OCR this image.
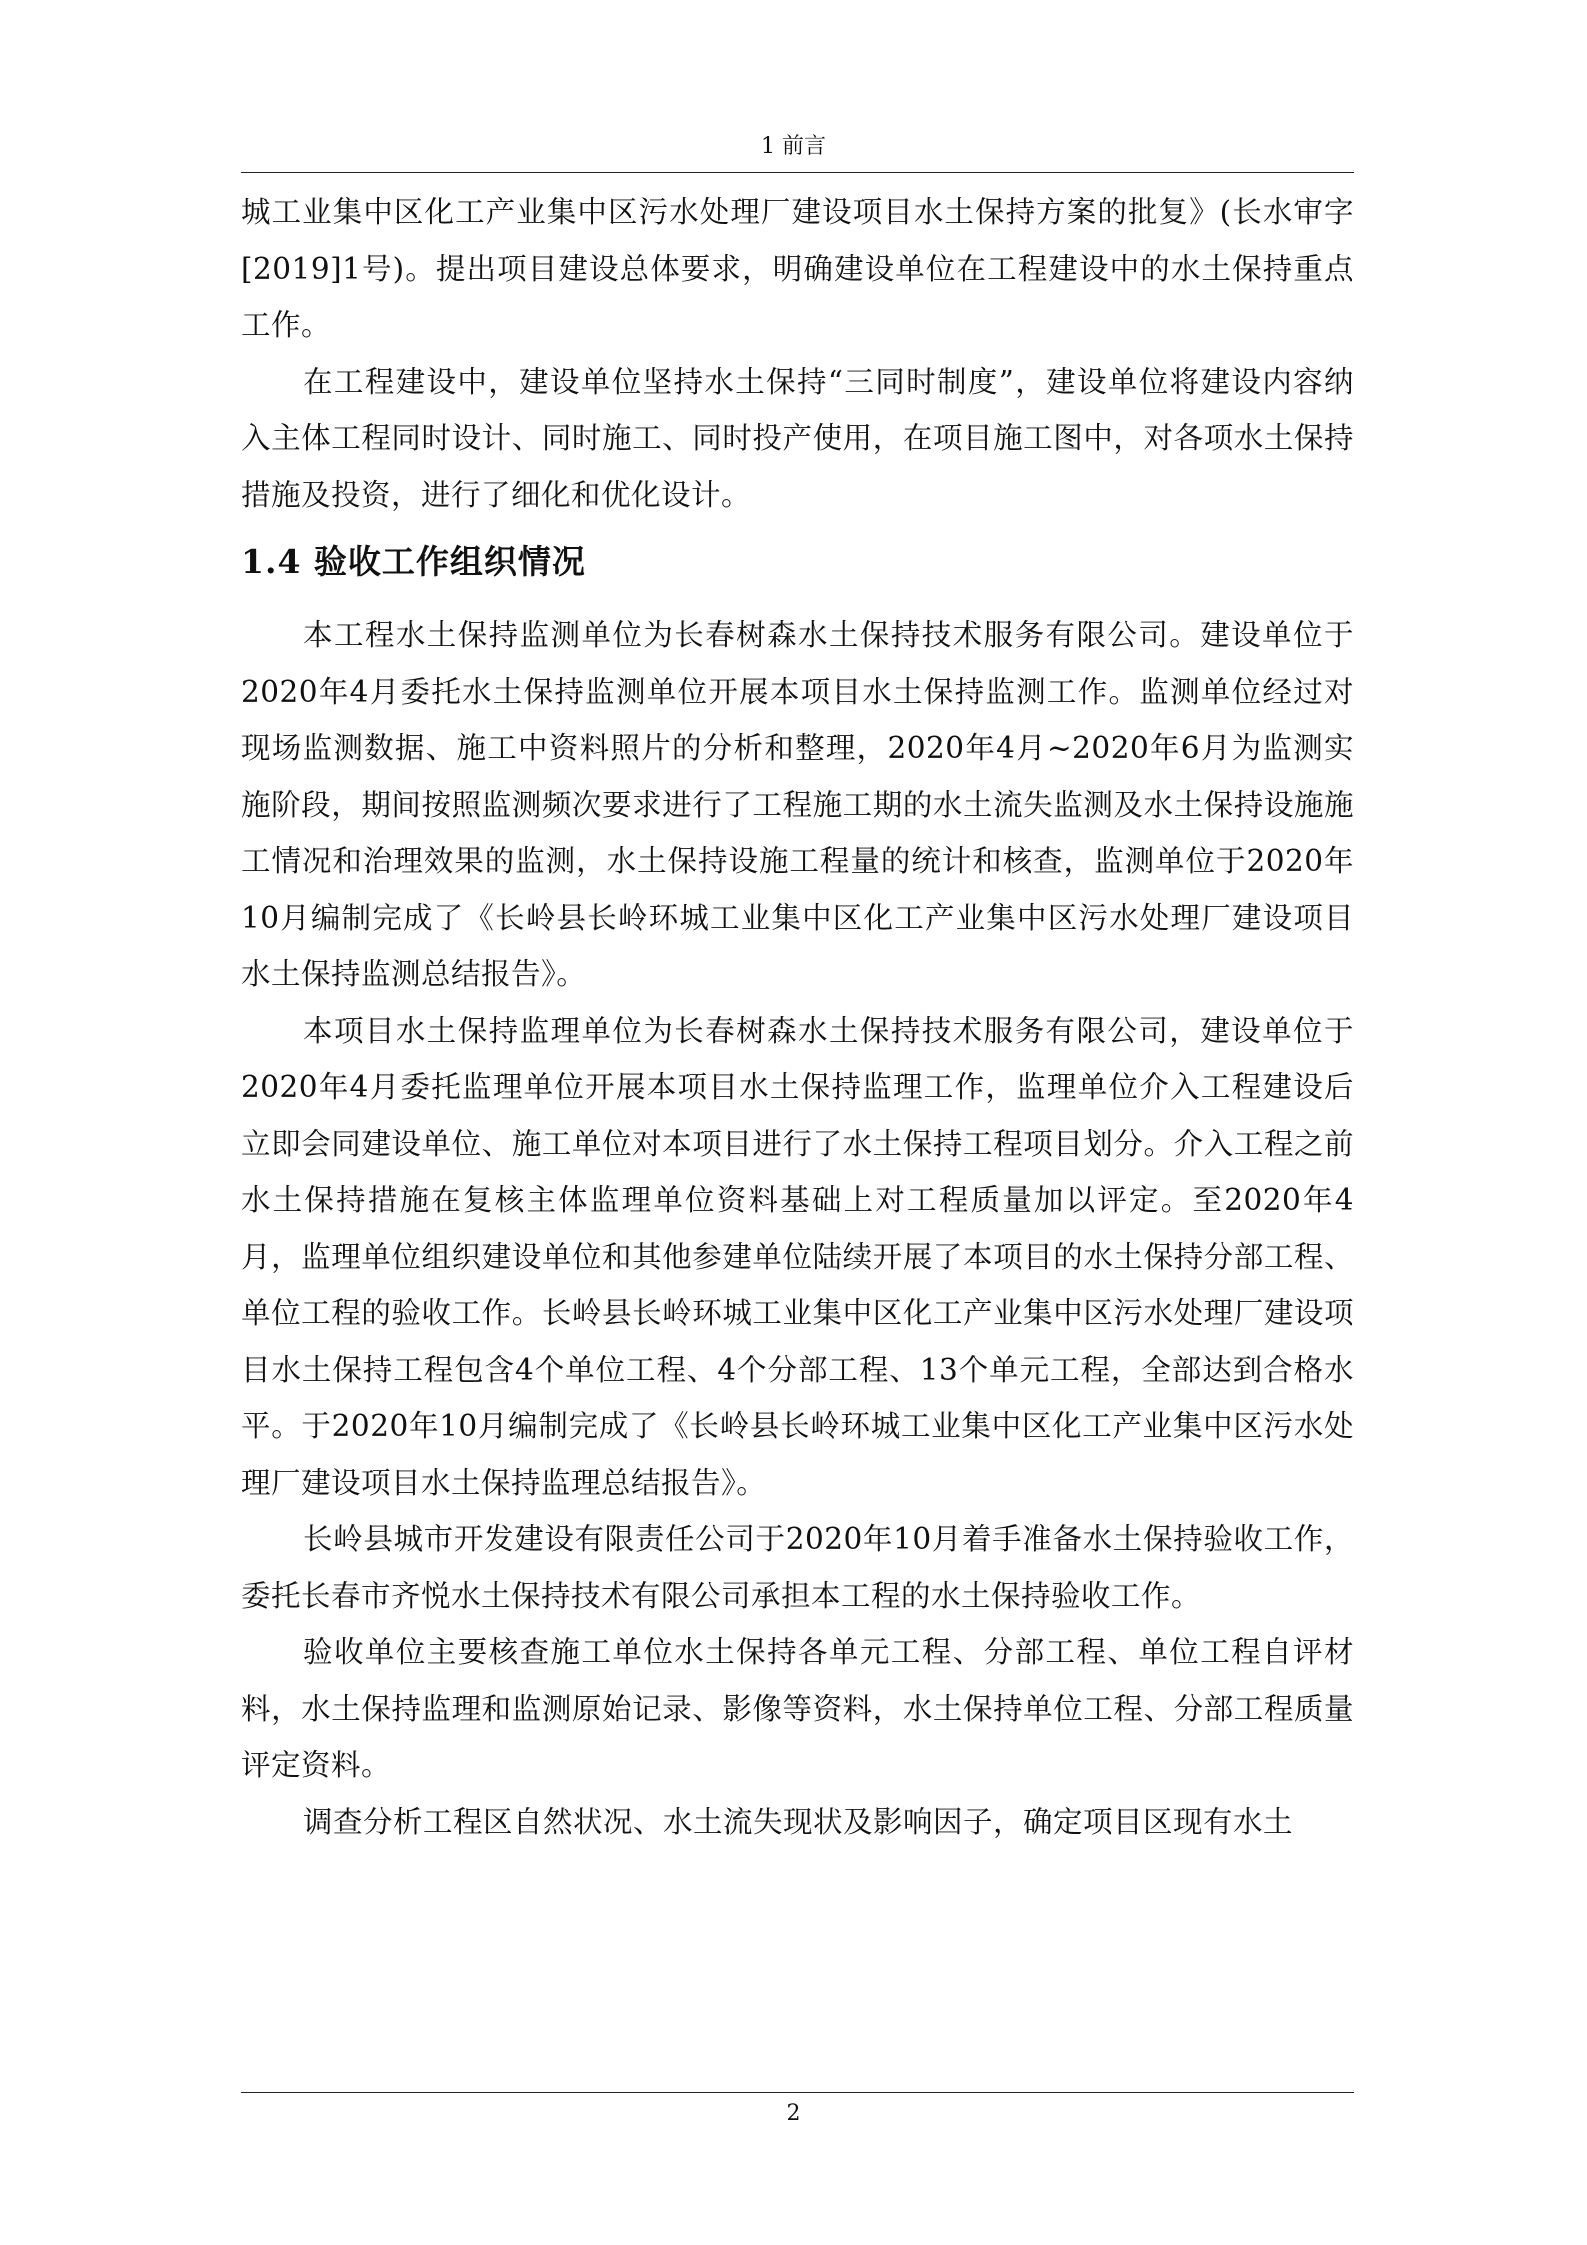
1 前言

城工业集中区化工产业集中区污水处理厂建设项目水土保持方案的批复》(长水审字[2019]1号)。提出项目建设总体要求，明确建设单位在工程建设中的水土保持重点工作。

在工程建设中，建设单位坚持水土保持“三同时制度”，建设单位将建设内容纳入主体工程同时设计、同时施工、同时投产使用，在项目施工图中，对各项水土保持措施及投资，进行了细化和优化设计。

1.4 验收工作组织情况

本工程水土保持监测单位为长春树森水土保持技术服务有限公司。建设单位于2020年4月委托水土保持监测单位开展本项目水土保持监测工作。监测单位经过对现场监测数据、施工中资料照片的分析和整理，2020年4月~2020年6月为监测实施阶段，期间按照监测频次要求进行了工程施工期的水土流失监测及水土保持设施施工情况和治理效果的监测，水土保持设施工程量的统计和核查，监测单位于2020年10月编制完成了《长岭县长岭环城工业集中区化工产业集中区污水处理厂建设项目水土保持监测总结报告》。

本项目水土保持监理单位为长春树森水土保持技术服务有限公司，建设单位于2020年4月委托监理单位开展本项目水土保持监理工作，监理单位介入工程建设后立即会同建设单位、施工单位对本项目进行了水土保持工程项目划分。介入工程之前水土保持措施在复核主体监理单位资料基础上对工程质量加以评定。至2020年4月，监理单位组织建设单位和其他参建单位陆续开展了本项目的水土保持分部工程、单位工程的验收工作。长岭县长岭环城工业集中区化工产业集中区污水处理厂建设项目水土保持工程包含4个单位工程、4个分部工程、13个单元工程，全部达到合格水平。于2020年10月编制完成了《长岭县长岭环城工业集中区化工产业集中区污水处理厂建设项目水土保持监理总结报告》。

长岭县城市开发建设有限责任公司于2020年10月着手准备水土保持验收工作，委托长春市齐悦水土保持技术有限公司承担本工程的水土保持验收工作。

验收单位主要核查施工单位水土保持各单元工程、分部工程、单位工程自评材料，水土保持监理和监测原始记录、影像等资料，水土保持单位工程、分部工程质量评定资料。

调查分析工程区自然状况、水土流失现状及影响因子，确定项目区现有水土

2
